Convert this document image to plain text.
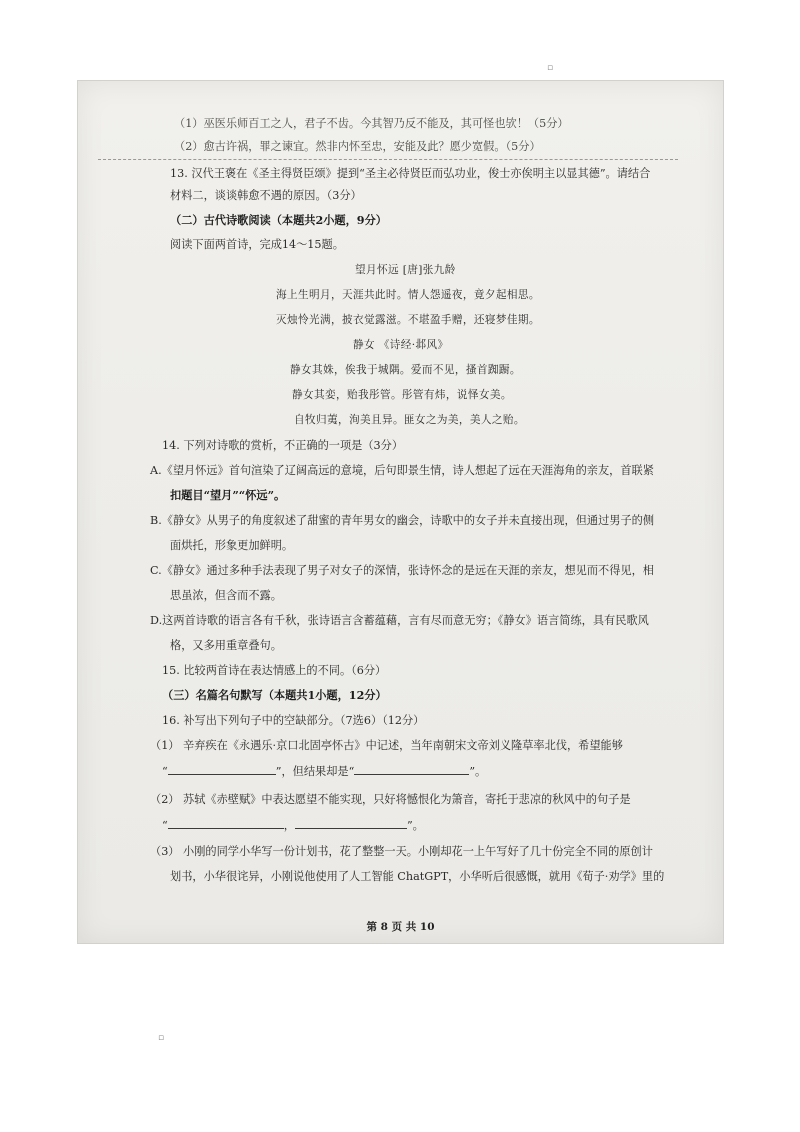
▫
（1）巫医乐师百工之人，君子不齿。今其智乃反不能及，其可怪也欤！（5分）
（2）愈古许祸，罪之谏宜。然非内怀至忠，安能及此？愿少宽假。（5分）
13. 汉代王褒在《圣主得贤臣颂》提到“圣主必待贤臣而弘功业，俊士亦俟明主以显其德”。请结合
材料二，谈谈韩愈不遇的原因。（3分）
（二）古代诗歌阅读（本题共2小题，9分）
阅读下面两首诗，完成14～15题。
望月怀远 [唐]张九龄
海上生明月，天涯共此时。情人怨遥夜，竟夕起相思。
灭烛怜光满，披衣觉露滋。不堪盈手赠，还寝梦佳期。
静女 《诗经·邶风》
静女其姝，俟我于城隅。爱而不见，搔首踟蹰。
静女其娈，贻我彤管。彤管有炜，说怿女美。
自牧归荑，洵美且异。匪女之为美，美人之贻。
14. 下列对诗歌的赏析，不正确的一项是（3分）
A.《望月怀远》首句渲染了辽阔高远的意境，后句即景生情，诗人想起了远在天涯海角的亲友，首联紧
扣题目“望月”“怀远”。
B.《静女》从男子的角度叙述了甜蜜的青年男女的幽会，诗歌中的女子并未直接出现，但通过男子的侧
面烘托，形象更加鲜明。
C.《静女》通过多种手法表现了男子对女子的深情，张诗怀念的是远在天涯的亲友，想见而不得见，相
思虽浓，但含而不露。
D.这两首诗歌的语言各有千秋，张诗语言含蓄蕴藉，言有尽而意无穷；《静女》语言简练，具有民歌风
格，又多用重章叠句。
15. 比较两首诗在表达情感上的不同。（6分）
（三）名篇名句默写（本题共1小题，12分）
16. 补写出下列句子中的空缺部分。（7选6）（12分）
（1） 辛弃疾在《永遇乐·京口北固亭怀古》中记述，当年南朝宋文帝刘义隆草率北伐，希望能够
“	”，但结果却是“	”。
（2） 苏轼《赤壁赋》中表达愿望不能实现，只好将憾恨化为箫音，寄托于悲凉的秋风中的句子是
“	，	”。
（3） 小刚的同学小华写一份计划书，花了整整一天。小刚却花一上午写好了几十份完全不同的原创计
划书，小华很诧异，小刚说他使用了人工智能 ChatGPT，小华听后很感慨，就用《荀子·劝学》里的
第 8 页 共 10
▫
